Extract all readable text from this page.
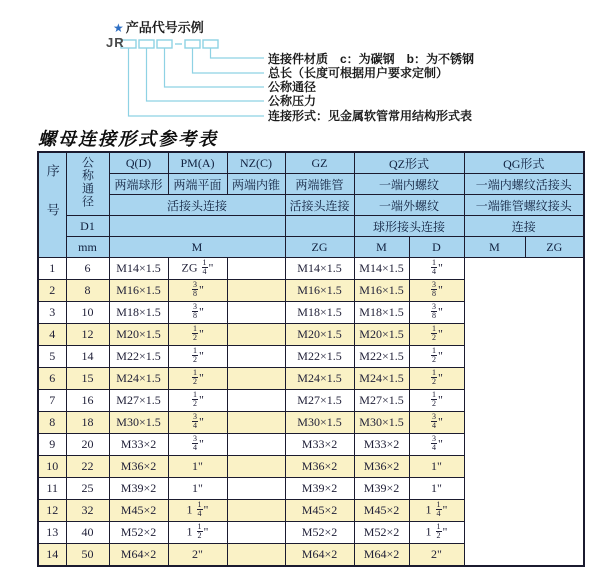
★ 产品代号示例
JR
连接件材质　c：为碳钢　b：为不锈钢
总长（长度可根据用户要求定制）
公称通径
公称压力
连接形式：见金属软管常用结构形式表
螺母连接形式参考表
序号	公称通径	Q(D)	PM(A)	NZ(C)	GZ	QZ形式		QG形式	
		两端球形	两端平面	两端内锥	两端锥管	一端内螺纹		一端内螺纹活接头	
		活接头连接			活接头连接	一端外螺纹		一端锥管螺纹接头	
	D1					球形接头连接		连接	
	mm	M			ZG	M	D	M	ZG
1	6	M14×1.5	ZG $\frac{1}{4}$ "		M14×1.5	M14×1.5	$\frac{1}{4}$ "		
2	8	M16×1.5	$\frac{3}{8}$ "		M16×1.5	M16×1.5	$\frac{3}{8}$ "		
3	10	M18×1.5	$\frac{3}{8}$ "		M18×1.5	M18×1.5	$\frac{3}{8}$ "		
4	12	M20×1.5	$\frac{1}{2}$ "		M20×1.5	M20×1.5	$\frac{1}{2}$ "		
5	14	M22×1.5	$\frac{1}{2}$ "		M22×1.5	M22×1.5	$\frac{1}{2}$ "		
6	15	M24×1.5	$\frac{1}{2}$ "		M24×1.5	M24×1.5	$\frac{1}{2}$ "		
7	16	M27×1.5	$\frac{1}{2}$ "		M27×1.5	M27×1.5	$\frac{1}{2}$ "		
8	18	M30×1.5	$\frac{3}{4}$ "		M30×1.5	M30×1.5	$\frac{3}{4}$ "		
9	20	M33×2	$\frac{3}{4}$ "		M33×2	M33×2	$\frac{3}{4}$ "		
10	22	M36×2	1"		M36×2	M36×2	1"		
11	25	M39×2	1"		M39×2	M39×2	1"		
12	32	M45×2	$1 \frac{1}{4}$ "		M45×2	M45×2	$1 \frac{1}{4}$ "		
13	40	M52×2	$1 \frac{1}{2}$ "		M52×2	M52×2	$1 \frac{1}{2}$ "		
14	50	M64×2	2"		M64×2	M64×2	2"		
